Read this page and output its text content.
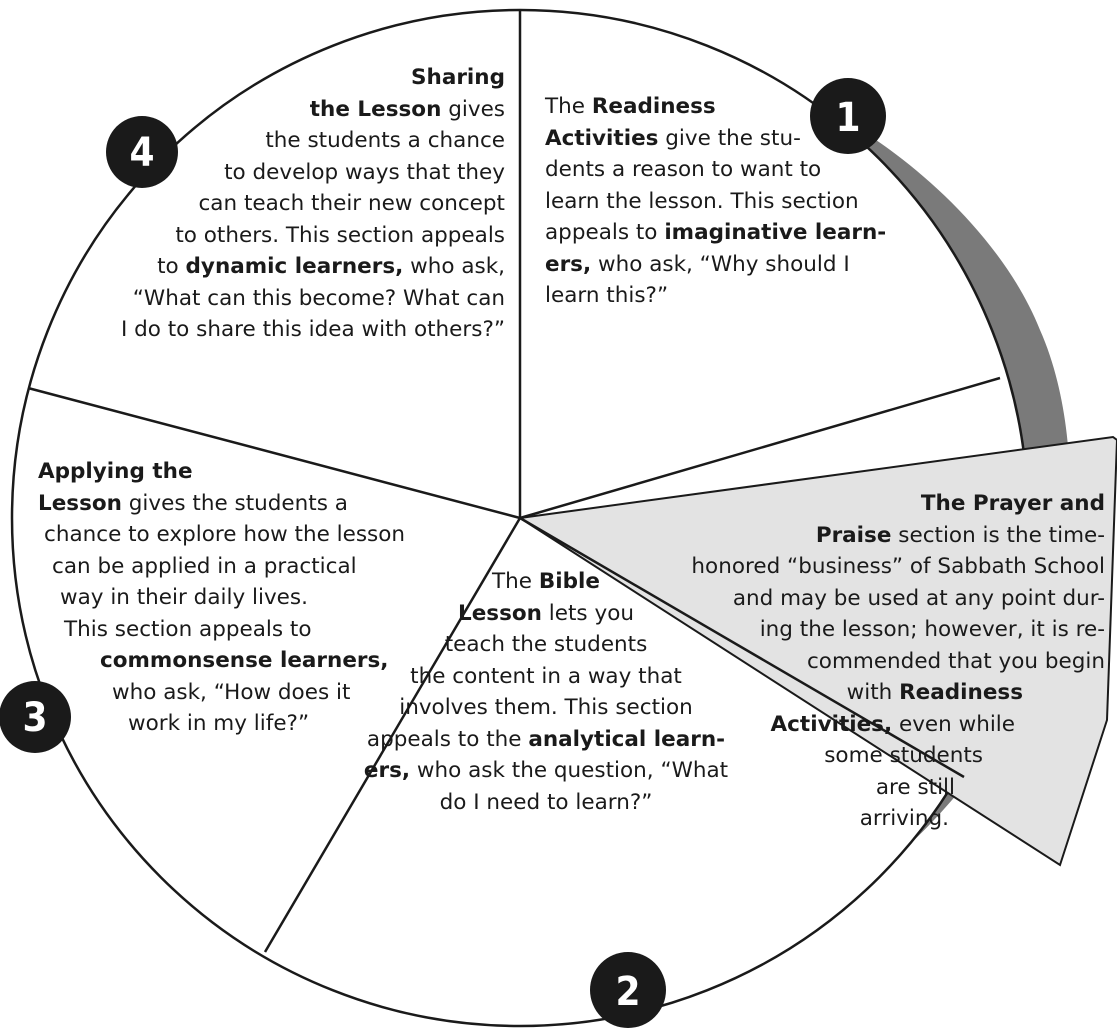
1
2
3
4
Sharing
the Lesson gives
the students a chance
to develop ways that they
can teach their new concept
to others. This section appeals
to dynamic learners, who ask,
“What can this become? What can
I do to share this idea with others?”
The Readiness
Activities give the stu-
dents a reason to want to
learn the lesson. This section
appeals to imaginative learn-
ers, who ask, “Why should I
learn this?”
Applying the
Lesson gives the students a
chance to explore how the lesson
can be applied in a practical
way in their daily lives.
This section appeals to
commonsense learners,
who ask, “How does it
work in my life?”
The Bible
Lesson lets you
teach the students
the content in a way that
involves them. This section
appeals to the analytical learn-
ers, who ask the question, “What
do I need to learn?”
The Prayer and
Praise section is the time-
honored “business” of Sabbath School
and may be used at any point dur-
ing the lesson; however, it is re-
commended that you begin
with Readiness
Activities, even while
some students
are still
arriving.
